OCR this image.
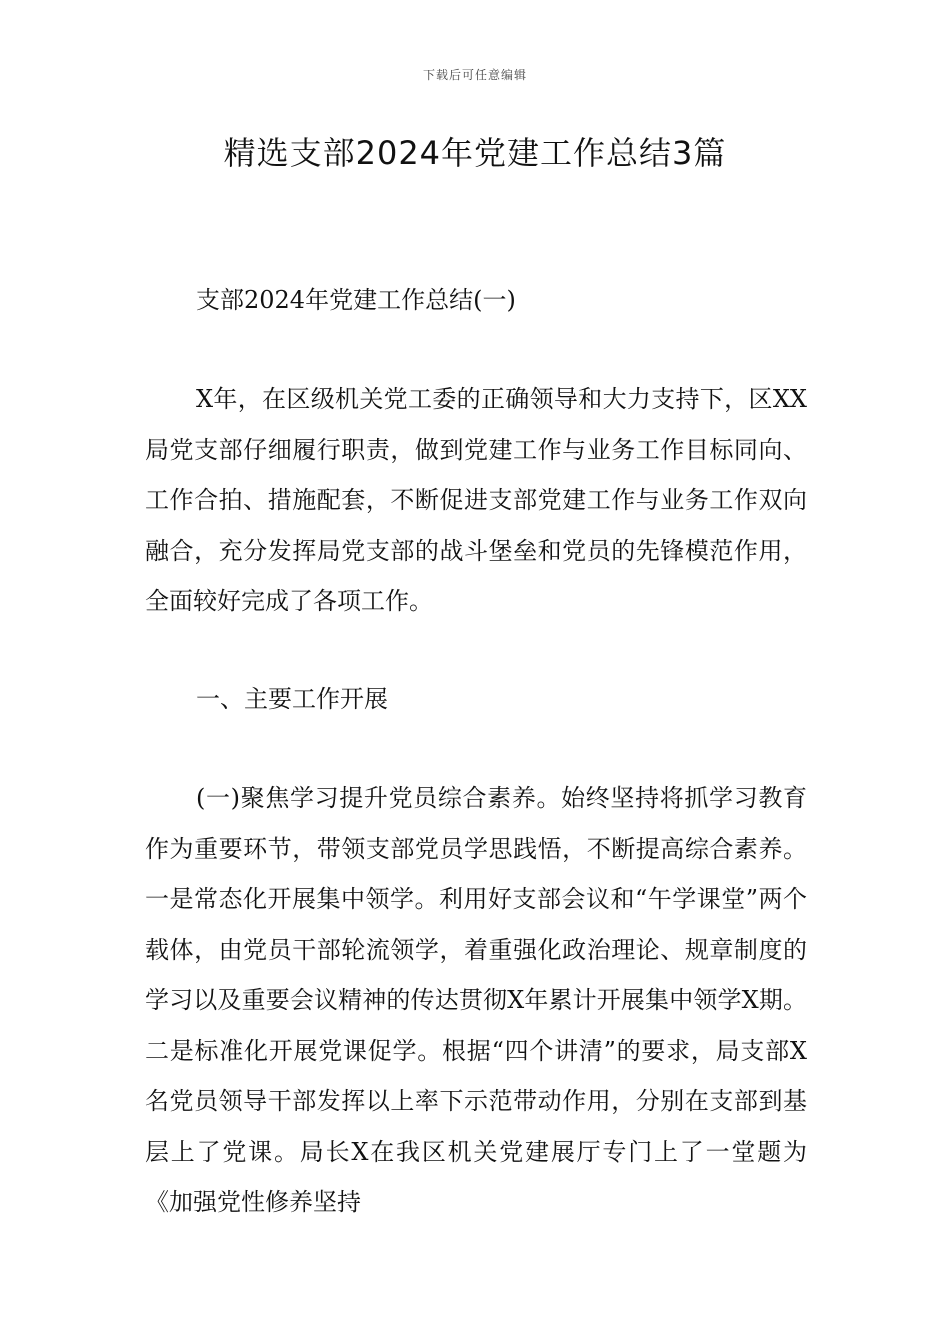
下载后可任意编辑
精选支部2024年党建工作总结3篇
支部2024年党建工作总结(一)
X年，在区级机关党工委的正确领导和大力支持下，区XX局党支部仔细履行职责，做到党建工作与业务工作目标同向、工作合拍、措施配套，不断促进支部党建工作与业务工作双向融合，充分发挥局党支部的战斗堡垒和党员的先锋模范作用，全面较好完成了各项工作。
一、主要工作开展
(一)聚焦学习提升党员综合素养。始终坚持将抓学习教育作为重要环节，带领支部党员学思践悟，不断提高综合素养。一是常态化开展集中领学。利用好支部会议和“午学课堂”两个载体，由党员干部轮流领学，着重强化政治理论、规章制度的学习以及重要会议精神的传达贯彻X年累计开展集中领学X期。二是标准化开展党课促学。根据“四个讲清”的要求，局支部X名党员领导干部发挥以上率下示范带动作用，分别在支部到基层上了党课。局长X在我区机关党建展厅专门上了一堂题为《加强党性修养坚持
